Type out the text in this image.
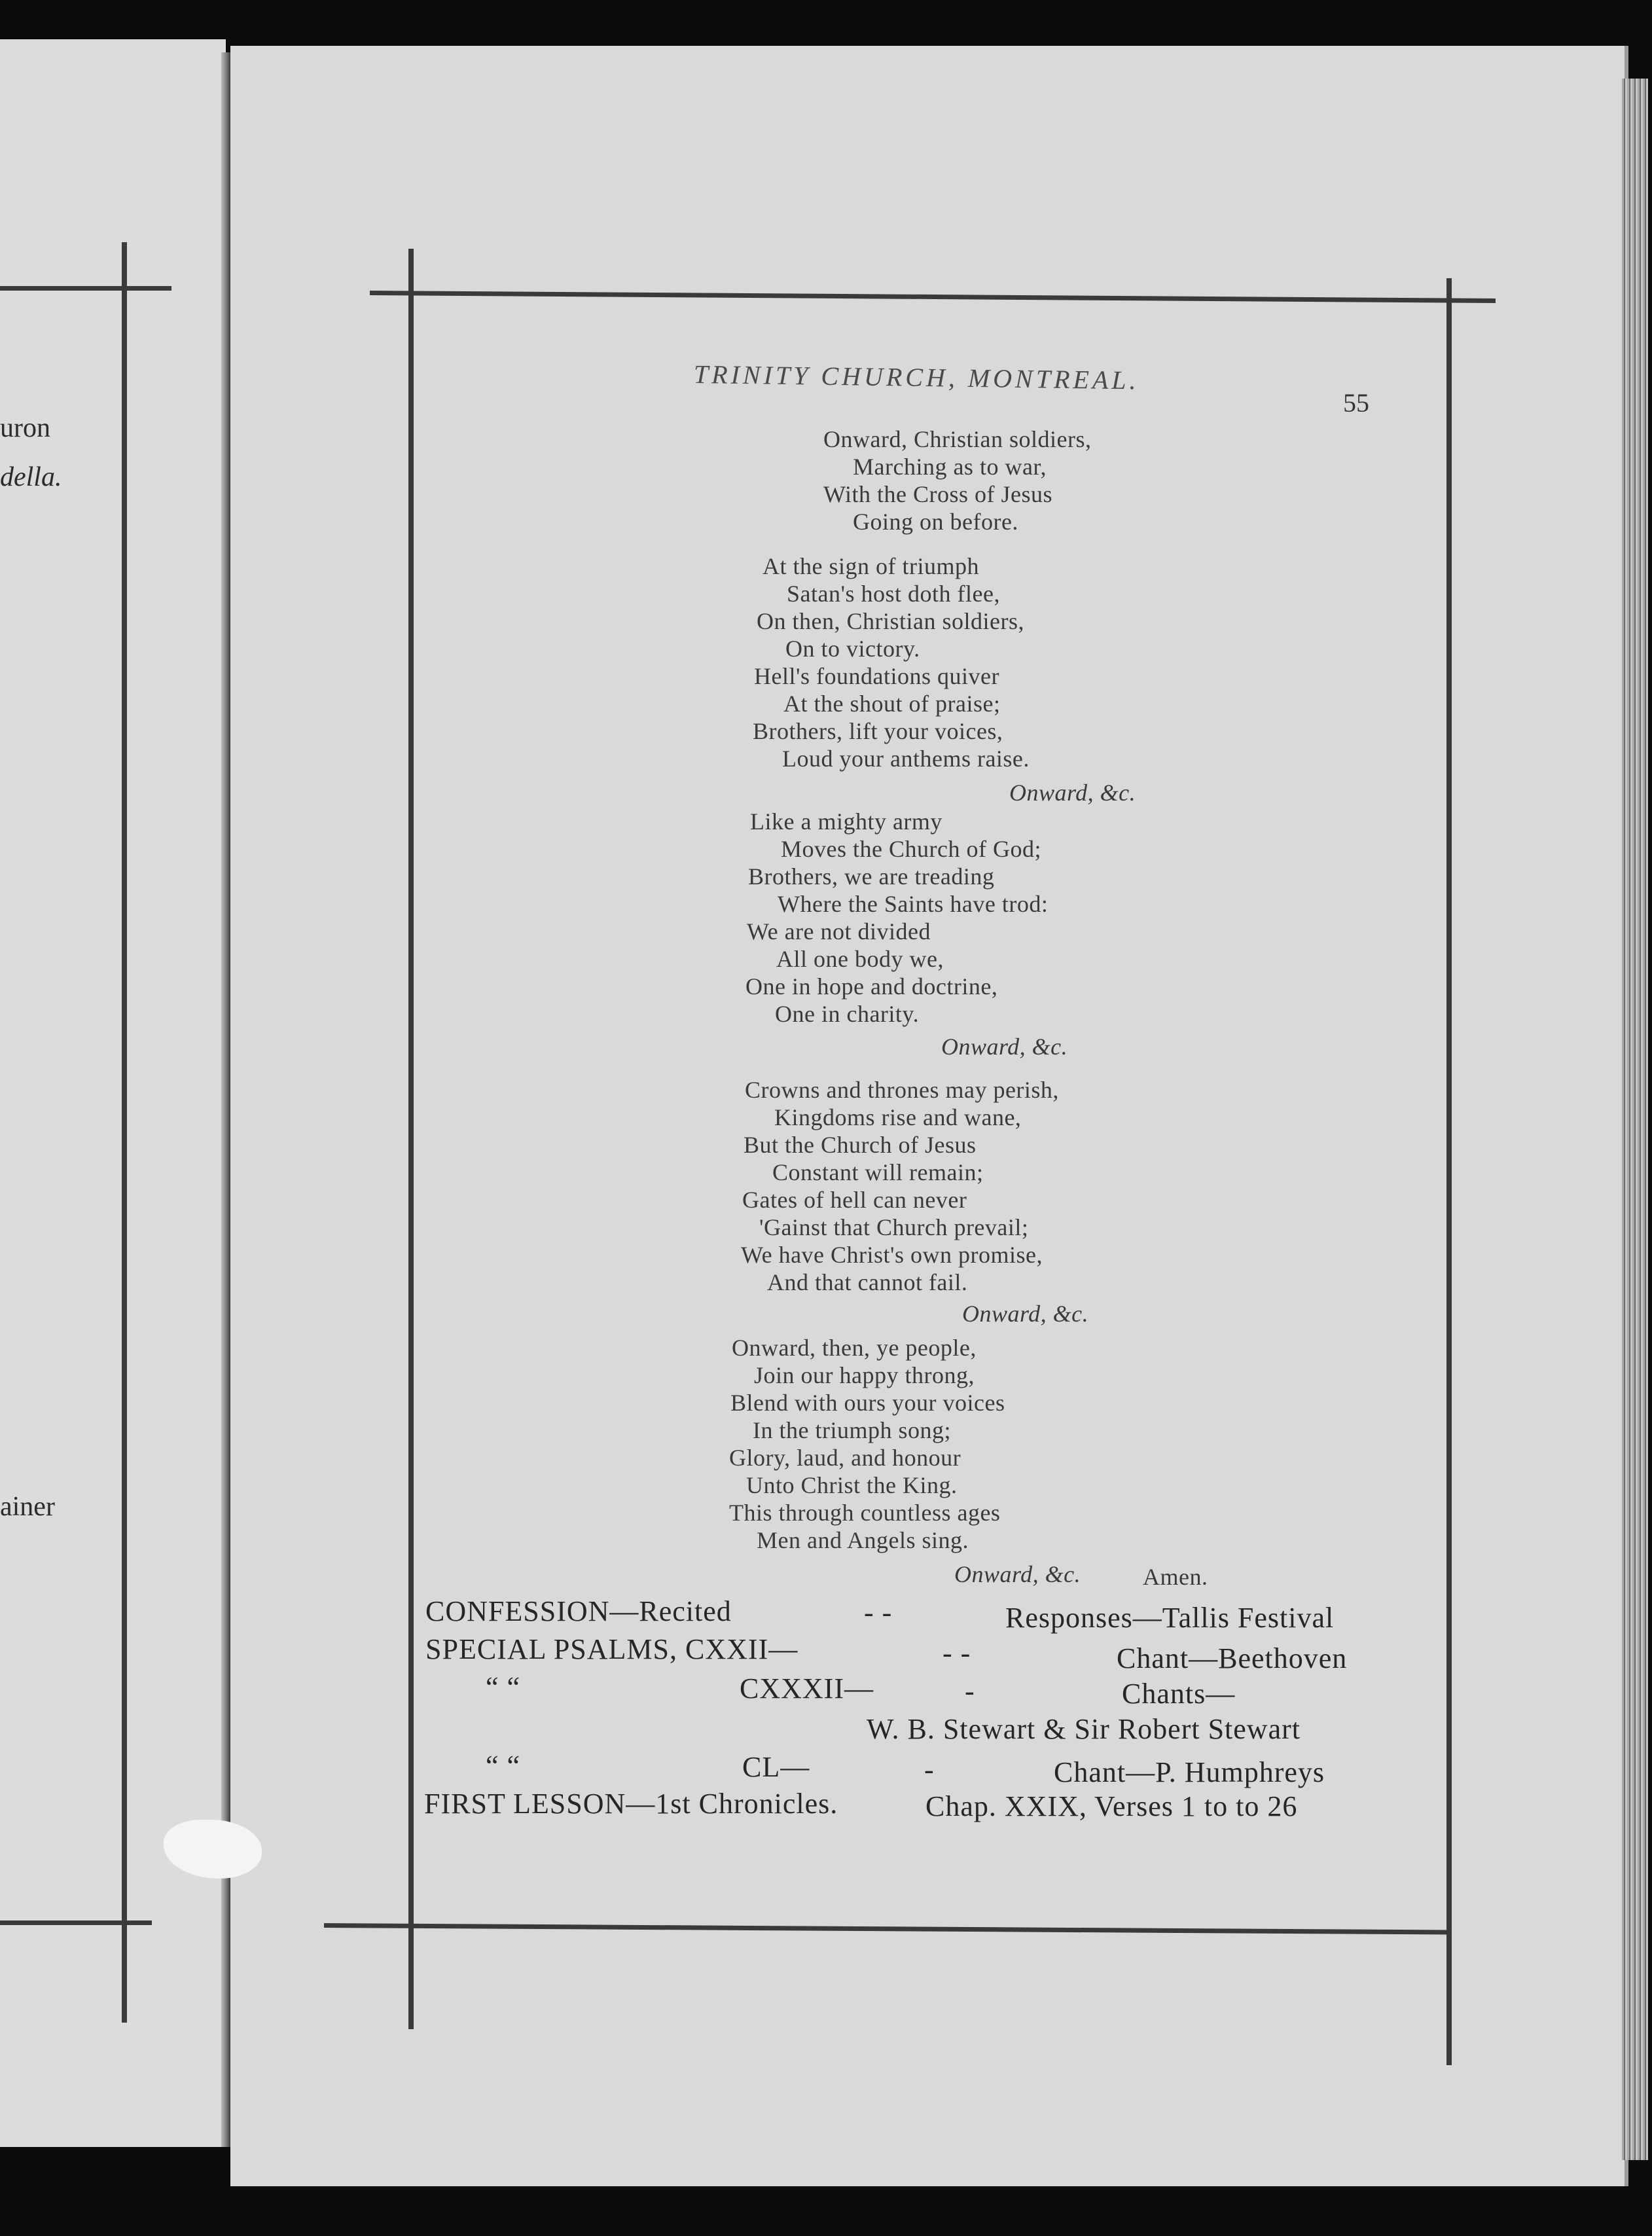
uron
della.
ainer
TRINITY CHURCH, MONTREAL.
55
Onward, Christian soldiers,
Marching as to war,
With the Cross of Jesus
Going on before.
At the sign of triumph
Satan's host doth flee,
On then, Christian soldiers,
On to victory.
Hell's foundations quiver
At the shout of praise;
Brothers, lift your voices,
Loud your anthems raise.
Onward, &c.
Like a mighty army
Moves the Church of God;
Brothers, we are treading
Where the Saints have trod:
We are not divided
All one body we,
One in hope and doctrine,
One in charity.
Onward, &c.
Crowns and thrones may perish,
Kingdoms rise and wane,
But the Church of Jesus
Constant will remain;
Gates of hell can never
'Gainst that Church prevail;
We have Christ's own promise,
And that cannot fail.
Onward, &c.
Onward, then, ye people,
Join our happy throng,
Blend with ours your voices
In the triumph song;
Glory, laud, and honour
Unto Christ the King.
This through countless ages
Men and Angels sing.
Onward, &c.	Amen.
CONFESSION—Recited	- -	Responses—Tallis Festival
SPECIAL PSALMS, CXXII—	- -	Chant—Beethoven
“ “	CXXXII—	-	Chants—
W. B. Stewart & Sir Robert Stewart
“ “	CL—	-	Chant—P. Humphreys
FIRST LESSON—1st Chronicles.	Chap. XXIX, Verses 1 to to 26
